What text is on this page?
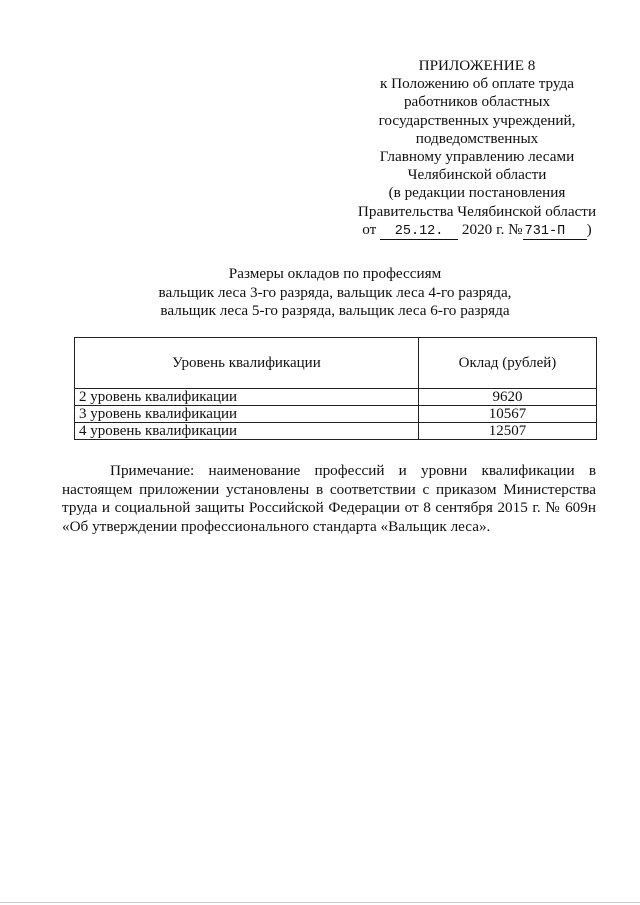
ПРИЛОЖЕНИЕ 8
к Положению об оплате труда
работников областных
государственных учреждений,
подведомственных
Главному управлению лесами
Челябинской области
(в редакции постановления
Правительства Челябинской области
от 25.12. 2020 г. № 731-П )
Размеры окладов по профессиям
вальщик леса 3-го разряда, вальщик леса 4-го разряда,
вальщик леса 5-го разряда, вальщик леса 6-го разряда
Уровень квалификации	Оклад (рублей)
2 уровень квалификации	9620
3 уровень квалификации	10567
4 уровень квалификации	12507
Примечание: наименование профессий и уровни квалификации в настоящем приложении установлены в соответствии с приказом Министерства труда и социальной защиты Российской Федерации от 8 сентября 2015 г. № 609н «Об утверждении профессионального стандарта «Вальщик леса».
